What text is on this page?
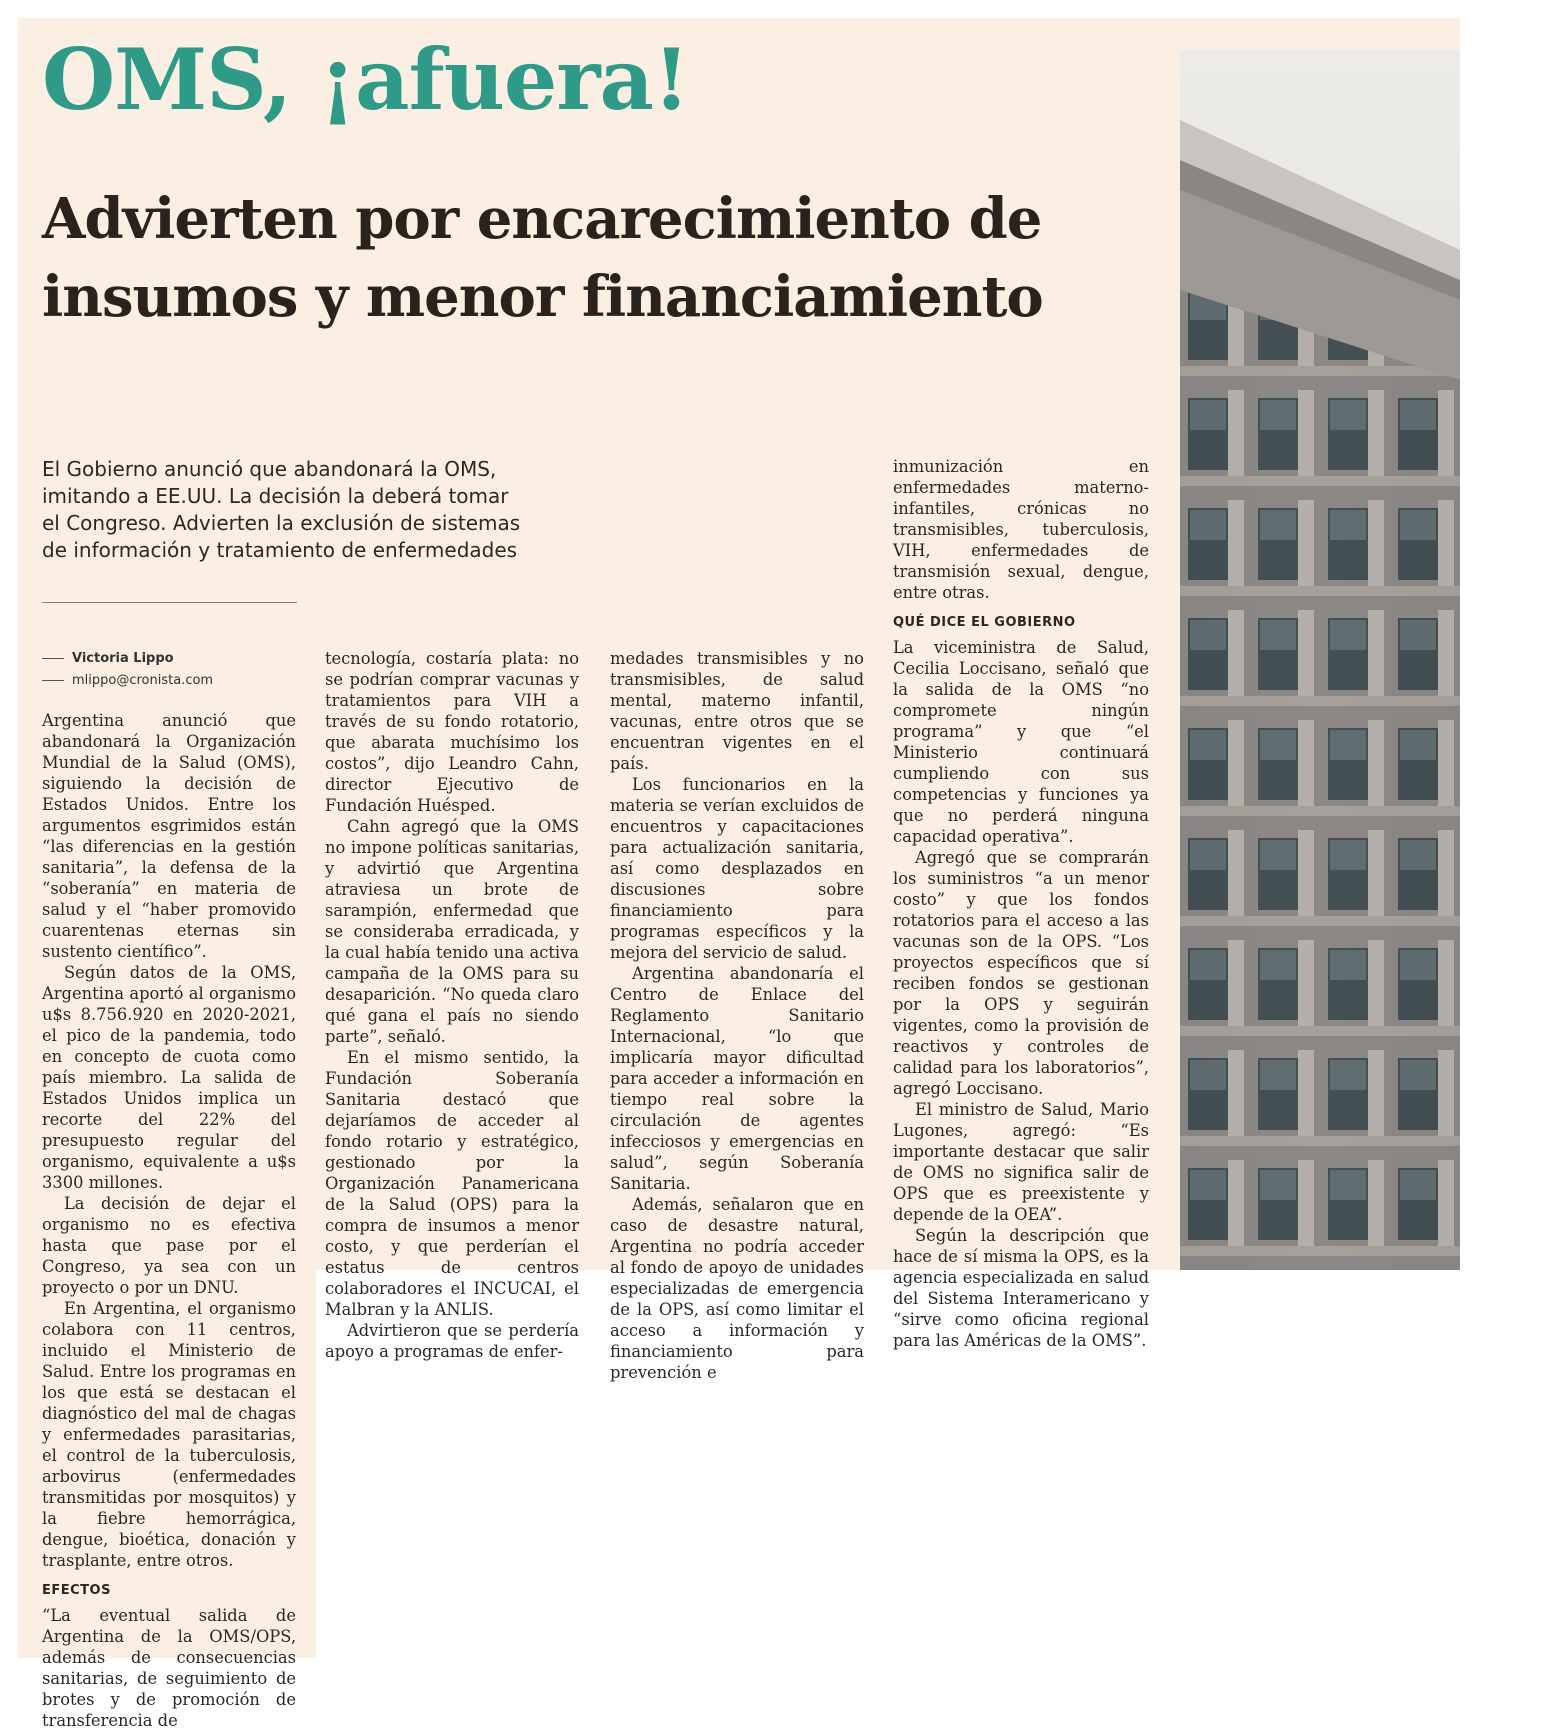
OMS, ¡afuera!
Advierten por encarecimiento de insumos y menor financiamiento

El Gobierno anunció que abandonará la OMS, imitando a EE.UU. La decisión la deberá tomar el Congreso. Advierten la exclusión de sistemas de información y tratamiento de enfermedades

Victoria Lippo
mlippo@cronista.com

Argentina anunció que abandonará la Organización Mundial de la Salud (OMS), siguiendo la decisión de Estados Unidos. Entre los argumentos esgrimidos están “las diferencias en la gestión sanitaria”, la defensa de la “soberanía” en materia de salud y el “haber promovido cuarentenas eternas sin sustento científico”.

Según datos de la OMS, Argentina aportó al organismo u$s 8.756.920 en 2020-2021, el pico de la pandemia, todo en concepto de cuota como país miembro. La salida de Estados Unidos implica un recorte del 22% del presupuesto regular del organismo, equivalente a u$s 3300 millones.

La decisión de dejar el organismo no es efectiva hasta que pase por el Congreso, ya sea con un proyecto o por un DNU.

En Argentina, el organismo colabora con 11 centros, incluido el Ministerio de Salud. Entre los programas en los que está se destacan el diagnóstico del mal de chagas y enfermedades parasitarias, el control de la tuberculosis, arbovirus (enfermedades transmitidas por mosquitos) y la fiebre hemorrágica, dengue, bioética, donación y trasplante, entre otros.

EFECTOS

“La eventual salida de Argentina de la OMS/OPS, además de consecuencias sanitarias, de seguimiento de brotes y de promoción de transferencia de

tecnología, costaría plata: no se podrían comprar vacunas y tratamientos para VIH a través de su fondo rotatorio, que abarata muchísimo los costos”, dijo Leandro Cahn, director Ejecutivo de Fundación Huésped.

Cahn agregó que la OMS no impone políticas sanitarias, y advirtió que Argentina atraviesa un brote de sarampión, enfermedad que se consideraba erradicada, y la cual había tenido una activa campaña de la OMS para su desaparición. “No queda claro qué gana el país no siendo parte”, señaló.

En el mismo sentido, la Fundación Soberanía Sanitaria destacó que dejaríamos de acceder al fondo rotario y estratégico, gestionado por la Organización Panamericana de la Salud (OPS) para la compra de insumos a menor costo, y que perderían el estatus de centros colaboradores el INCUCAI, el Malbran y la ANLIS.

Advirtieron que se perdería apoyo a programas de enfer-

medades transmisibles y no transmisibles, de salud mental, materno infantil, vacunas, entre otros que se encuentran vigentes en el país.

Los funcionarios en la materia se verían excluidos de encuentros y capacitaciones para actualización sanitaria, así como desplazados en discusiones sobre financiamiento para programas específicos y la mejora del servicio de salud.

Argentina abandonaría el Centro de Enlace del Reglamento Sanitario Internacional, “lo que implicaría mayor dificultad para acceder a información en tiempo real sobre la circulación de agentes infecciosos y emergencias en salud”, según Soberanía Sanitaria.

Además, señalaron que en caso de desastre natural, Argentina no podría acceder al fondo de apoyo de unidades especializadas de emergencia de la OPS, así como limitar el acceso a información y financiamiento para prevención e

inmunización en enfermedades materno-infantiles, crónicas no transmisibles, tuberculosis, VIH, enfermedades de transmisión sexual, dengue, entre otras.

QUÉ DICE EL GOBIERNO

La viceministra de Salud, Cecilia Loccisano, señaló que la salida de la OMS “no compromete ningún programa” y que “el Ministerio continuará cumpliendo con sus competencias y funciones ya que no perderá ninguna capacidad operativa”.

Agregó que se comprarán los suministros “a un menor costo” y que los fondos rotatorios para el acceso a las vacunas son de la OPS. “Los proyectos específicos que sí reciben fondos se gestionan por la OPS y seguirán vigentes, como la provisión de reactivos y controles de calidad para los laboratorios”, agregó Loccisano.

El ministro de Salud, Mario Lugones, agregó: “Es importante destacar que salir de OMS no significa salir de OPS que es preexistente y depende de la OEA”.

Según la descripción que hace de sí misma la OPS, es la agencia especializada en salud del Sistema Interamericano y “sirve como oficina regional para las Américas de la OMS”.
